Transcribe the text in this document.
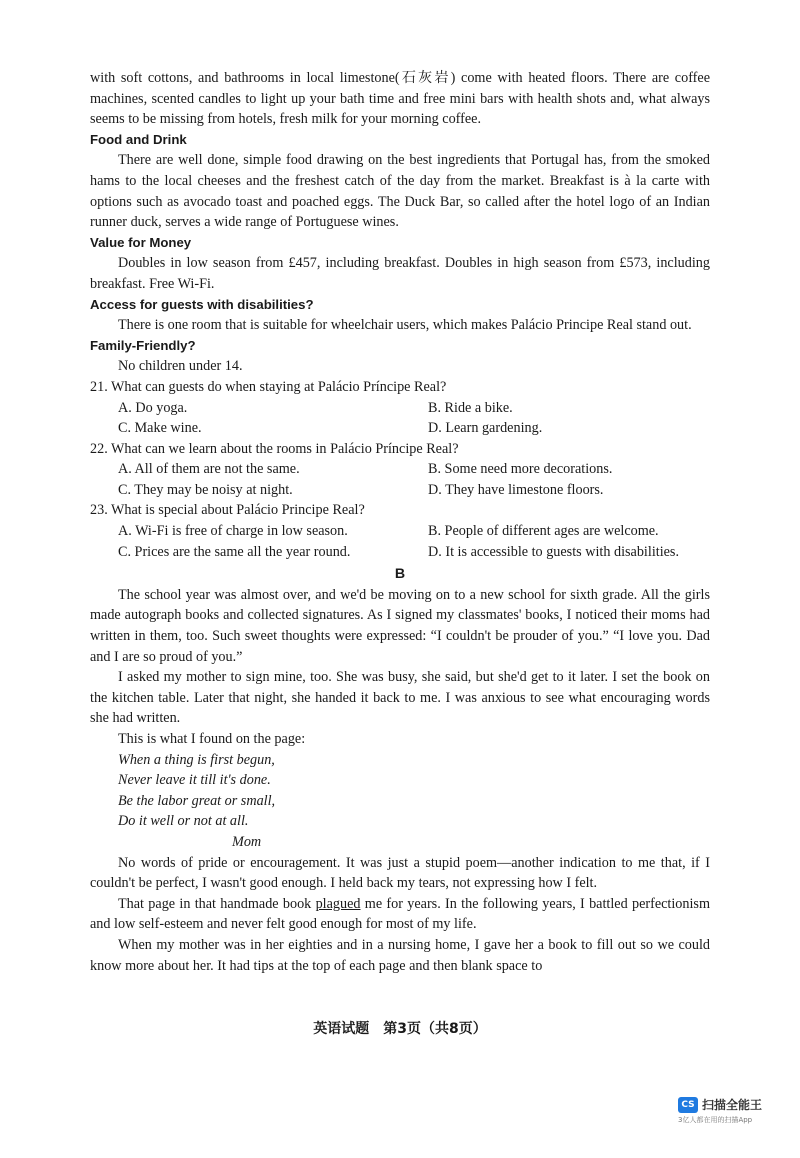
with soft cottons, and bathrooms in local limestone(石灰岩) come with heated floors. There are coffee machines, scented candles to light up your bath time and free mini bars with health shots and, what always seems to be missing from hotels, fresh milk for your morning coffee.

Food and Drink

There are well done, simple food drawing on the best ingredients that Portugal has, from the smoked hams to the local cheeses and the freshest catch of the day from the market. Breakfast is à la carte with options such as avocado toast and poached eggs. The Duck Bar, so called after the hotel logo of an Indian runner duck, serves a wide range of Portuguese wines.

Value for Money

Doubles in low season from £457, including breakfast. Doubles in high season from £573, including breakfast. Free Wi-Fi.

Access for guests with disabilities?

There is one room that is suitable for wheelchair users, which makes Palácio Principe Real stand out.

Family-Friendly?

No children under 14.

21. What can guests do when staying at Palácio Príncipe Real?

A. Do yoga.	B. Ride a bike.
C. Make wine.	D. Learn gardening.

22. What can we learn about the rooms in Palácio Príncipe Real?

A. All of them are not the same.	B. Some need more decorations.
C. They may be noisy at night.	D. They have limestone floors.

23. What is special about Palácio Principe Real?

A. Wi-Fi is free of charge in low season.	B. People of different ages are welcome.
C. Prices are the same all the year round.	D. It is accessible to guests with disabilities.
B

The school year was almost over, and we'd be moving on to a new school for sixth grade. All the girls made autograph books and collected signatures. As I signed my classmates' books, I noticed their moms had written in them, too. Such sweet thoughts were expressed: “I couldn't be prouder of you.” “I love you. Dad and I are so proud of you.”

I asked my mother to sign mine, too. She was busy, she said, but she'd get to it later. I set the book on the kitchen table. Later that night, she handed it back to me. I was anxious to see what encouraging words she had written.

This is what I found on the page:

When a thing is first begun,
Never leave it till it's done.
Be the labor great or small,
Do it well or not at all.
Mom

No words of pride or encouragement. It was just a stupid poem—another indication to me that, if I couldn't be perfect, I wasn't good enough. I held back my tears, not expressing how I felt.

That page in that handmade book plagued me for years. In the following years, I battled perfectionism and low self-esteem and never felt good enough for most of my life.

When my mother was in her eighties and in a nursing home, I gave her a book to fill out so we could know more about her. It had tips at the top of each page and then blank space to

英语试题　第3页（共8页）
CS 扫描全能王
3亿人都在用的扫描App
